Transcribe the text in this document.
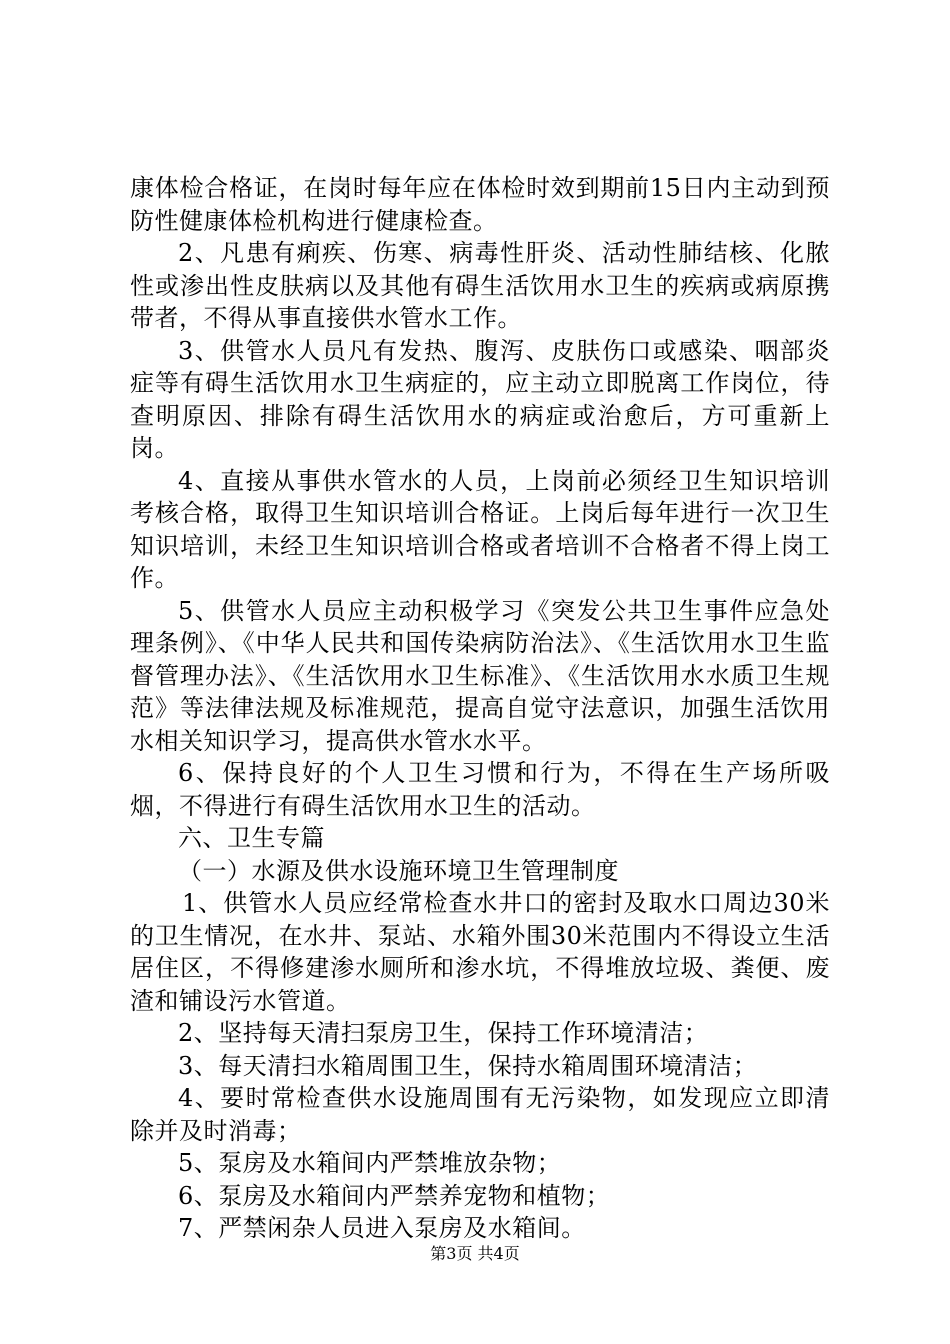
康体检合格证，在岗时每年应在体检时效到期前15日内主动到预防性健康体检机构进行健康检查。

2、凡患有痢疾、伤寒、病毒性肝炎、活动性肺结核、化脓性或渗出性皮肤病以及其他有碍生活饮用水卫生的疾病或病原携带者，不得从事直接供水管水工作。

3、供管水人员凡有发热、腹泻、皮肤伤口或感染、咽部炎症等有碍生活饮用水卫生病症的，应主动立即脱离工作岗位，待查明原因、排除有碍生活饮用水的病症或治愈后，方可重新上岗。

4、直接从事供水管水的人员，上岗前必须经卫生知识培训考核合格，取得卫生知识培训合格证。上岗后每年进行一次卫生知识培训，未经卫生知识培训合格或者培训不合格者不得上岗工作。

5、供管水人员应主动积极学习《突发公共卫生事件应急处理条例》、《中华人民共和国传染病防治法》、《生活饮用水卫生监督管理办法》、《生活饮用水卫生标准》、《生活饮用水水质卫生规范》等法律法规及标准规范，提高自觉守法意识，加强生活饮用水相关知识学习，提高供水管水水平。

6、保持良好的个人卫生习惯和行为，不得在生产场所吸烟，不得进行有碍生活饮用水卫生的活动。

六、卫生专篇

（一）水源及供水设施环境卫生管理制度

1、供管水人员应经常检查水井口的密封及取水口周边30米的卫生情况，在水井、泵站、水箱外围30米范围内不得设立生活居住区，不得修建渗水厕所和渗水坑，不得堆放垃圾、粪便、废渣和铺设污水管道。

2、坚持每天清扫泵房卫生，保持工作环境清洁；

3、每天清扫水箱周围卫生，保持水箱周围环境清洁；

4、要时常检查供水设施周围有无污染物，如发现应立即清除并及时消毒；

5、泵房及水箱间内严禁堆放杂物；

6、泵房及水箱间内严禁养宠物和植物；

7、严禁闲杂人员进入泵房及水箱间。

第3页 共4页
